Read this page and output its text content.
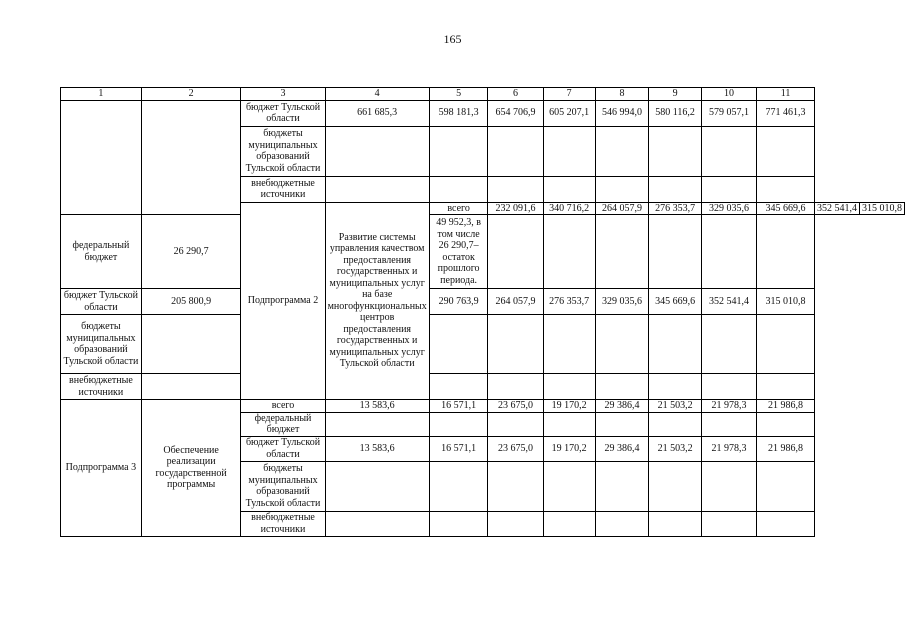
165
1	2	3	4	5	6	7	8	9	10	11		
		бюджет Тульской области	661 685,3	598 181,3	654 706,9	605 207,1	546 994,0	580 116,2	579 057,1	771 461,3		
		бюджеты муниципальных образований Тульской области										
		внебюджетные источники										
		Подпрограмма 2	Развитие системы управления качеством предоставления государственных и муниципальных услуг на базе многофункциональных центров предоставления государственных и муниципальных услуг Тульской области	всего	232 091,6	340 716,2	264 057,9	276 353,7	329 035,6	345 669,6	352 541,4	315 010,8
федеральный бюджет	26 290,7			49 952,3, в том числе 26 290,7–остаток прошлого периода.								
бюджет Тульской области	205 800,9			290 763,9	264 057,9	276 353,7	329 035,6	345 669,6	352 541,4	315 010,8		
бюджеты муниципальных образований Тульской области												
внебюджетные источники												
Подпрограмма 3	Обеспечение реализации государственной программы	всего	13 583,6	16 571,1	23 675,0	19 170,2	29 386,4	21 503,2	21 978,3	21 986,8		
		федеральный бюджет										
		бюджет Тульской области	13 583,6	16 571,1	23 675,0	19 170,2	29 386,4	21 503,2	21 978,3	21 986,8		
		бюджеты муниципальных образований Тульской области										
		внебюджетные источники										
